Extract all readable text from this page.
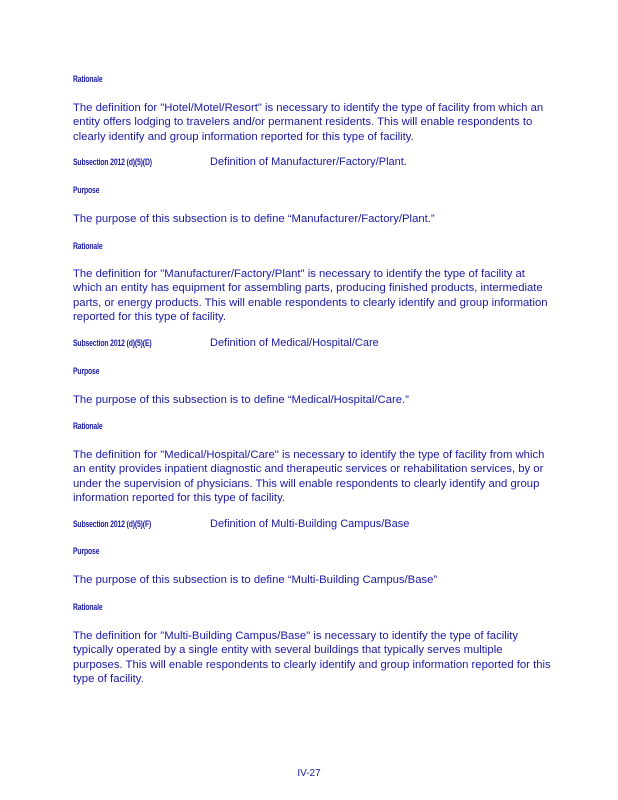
Rationale

The definition for "Hotel/Motel/Resort" is necessary to identify the type of facility from which an entity offers lodging to travelers and/or permanent residents. This will enable respondents to clearly identify and group information reported for this type of facility.

Subsection 2012 (d)(5)(D)	Definition of Manufacturer/Factory/Plant.

Purpose

The purpose of this subsection is to define “Manufacturer/Factory/Plant.”

Rationale

The definition for "Manufacturer/Factory/Plant" is necessary to identify the type of facility at which an entity has equipment for assembling parts, producing finished products, intermediate parts, or energy products. This will enable respondents to clearly identify and group information reported for this type of facility.

Subsection 2012 (d)(5)(E)	Definition of Medical/Hospital/Care

Purpose

The purpose of this subsection is to define “Medical/Hospital/Care.”

Rationale

The definition for "Medical/Hospital/Care" is necessary to identify the type of facility from which an entity provides inpatient diagnostic and therapeutic services or rehabilitation services, by or under the supervision of physicians. This will enable respondents to clearly identify and group information reported for this type of facility.

Subsection 2012 (d)(5)(F)	Definition of Multi-Building Campus/Base

Purpose

The purpose of this subsection is to define “Multi-Building Campus/Base”

Rationale

The definition for "Multi-Building Campus/Base" is necessary to identify the type of facility typically operated by a single entity with several buildings that typically serves multiple purposes. This will enable respondents to clearly identify and group information reported for this type of facility.

IV-27
